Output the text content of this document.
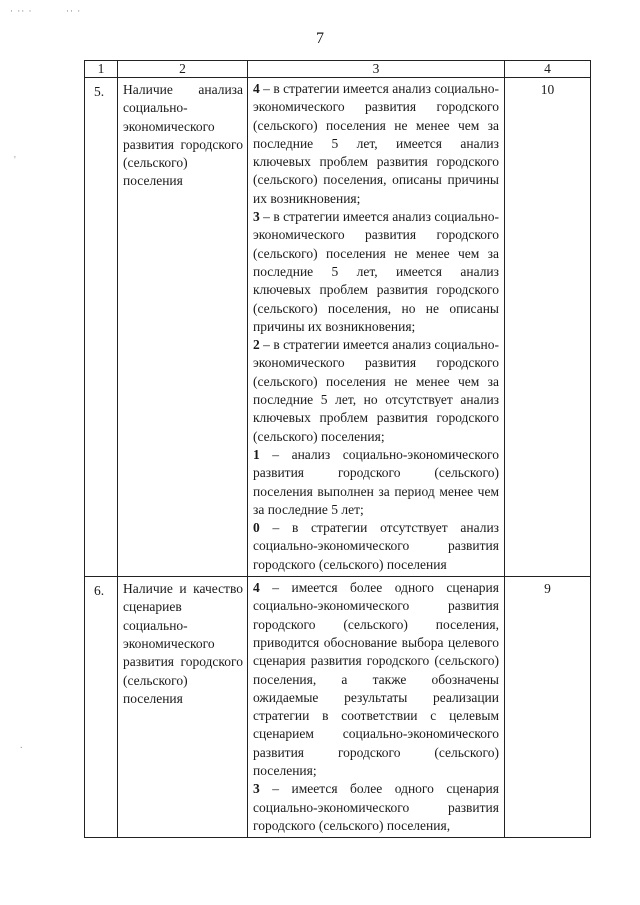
· ·· ·	·· ·
'
.
7
1	2	3	4
5.	Наличие анализа социально-экономического развития городского (сельского) поселения	4 – в стратегии имеется анализ социально-экономического развития городского (сельского) поселения не менее чем за последние 5 лет, имеется анализ ключевых проблем развития городского (сельского) поселения, описаны причины их возникновения;

3 – в стратегии имеется анализ социально-экономического развития городского (сельского) поселения не менее чем за последние 5 лет, имеется анализ ключевых проблем развития городского (сельского) поселения, но не описаны причины их возникновения;

2 – в стратегии имеется анализ социально-экономического развития городского (сельского) поселения не менее чем за последние 5 лет, но отсутствует анализ ключевых проблем развития городского (сельского) поселения;

1 – анализ социально-экономического развития городского (сельского) поселения выполнен за период менее чем за последние 5 лет;

0 – в стратегии отсутствует анализ социально-экономического развития городского (сельского) поселения	10
6.	Наличие и качество сценариев социально-экономического развития городского (сельского) поселения	4 – имеется более одного сценария социально-экономического развития городского (сельского) поселения, приводится обоснование выбора целевого сценария развития городского (сельского) поселения, а также обозначены ожидаемые результаты реализации стратегии в соответствии с целевым сценарием социально-экономического развития городского (сельского) поселения;

3 – имеется более одного сценария социально-экономического развития городского (сельского) поселения,	9
